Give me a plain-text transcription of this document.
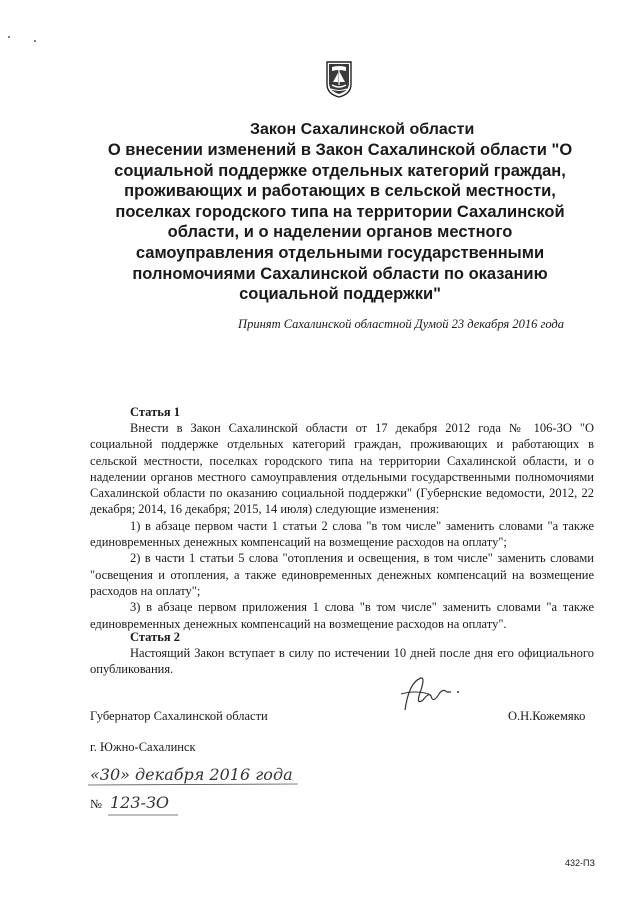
Закон Сахалинской области
О внесении изменений в Закон Сахалинской области "О социальной поддержке отдельных категорий граждан, проживающих и работающих в сельской местности, поселках городского типа на территории Сахалинской области, и о наделении органов местного самоуправления отдельными государственными полномочиями Сахалинской области по оказанию социальной поддержки"
Принят Сахалинской областной Думой 23 декабря 2016 года
Статья 1

Внести в Закон Сахалинской области от 17 декабря 2012 года № 106-ЗО "О социальной поддержке отдельных категорий граждан, проживающих и работающих в сельской местности, поселках городского типа на территории Сахалинской области, и о наделении органов местного самоуправления отдельными государственными полномочиями Сахалинской области по оказанию социальной поддержки" (Губернские ведомости, 2012, 22 декабря; 2014, 16 декабря; 2015, 14 июля) следующие изменения:

1) в абзаце первом части 1 статьи 2 слова "в том числе" заменить словами "а также единовременных денежных компенсаций на возмещение расходов на оплату";

2) в части 1 статьи 5 слова "отопления и освещения, в том числе" заменить словами "освещения и отопления, а также единовременных денежных компенсаций на возмещение расходов на оплату";

3) в абзаце первом приложения 1 слова "в том числе" заменить словами "а также единовременных денежных компенсаций на возмещение расходов на оплату".

Статья 2

Настоящий Закон вступает в силу по истечении 10 дней после дня его официального опубликования.

Губернатор Сахалинской области	О.Н.Кожемяко
г. Южно-Сахалинск
«30» декабря 2016 года
№ 123-ЗО
432-ПЗ
